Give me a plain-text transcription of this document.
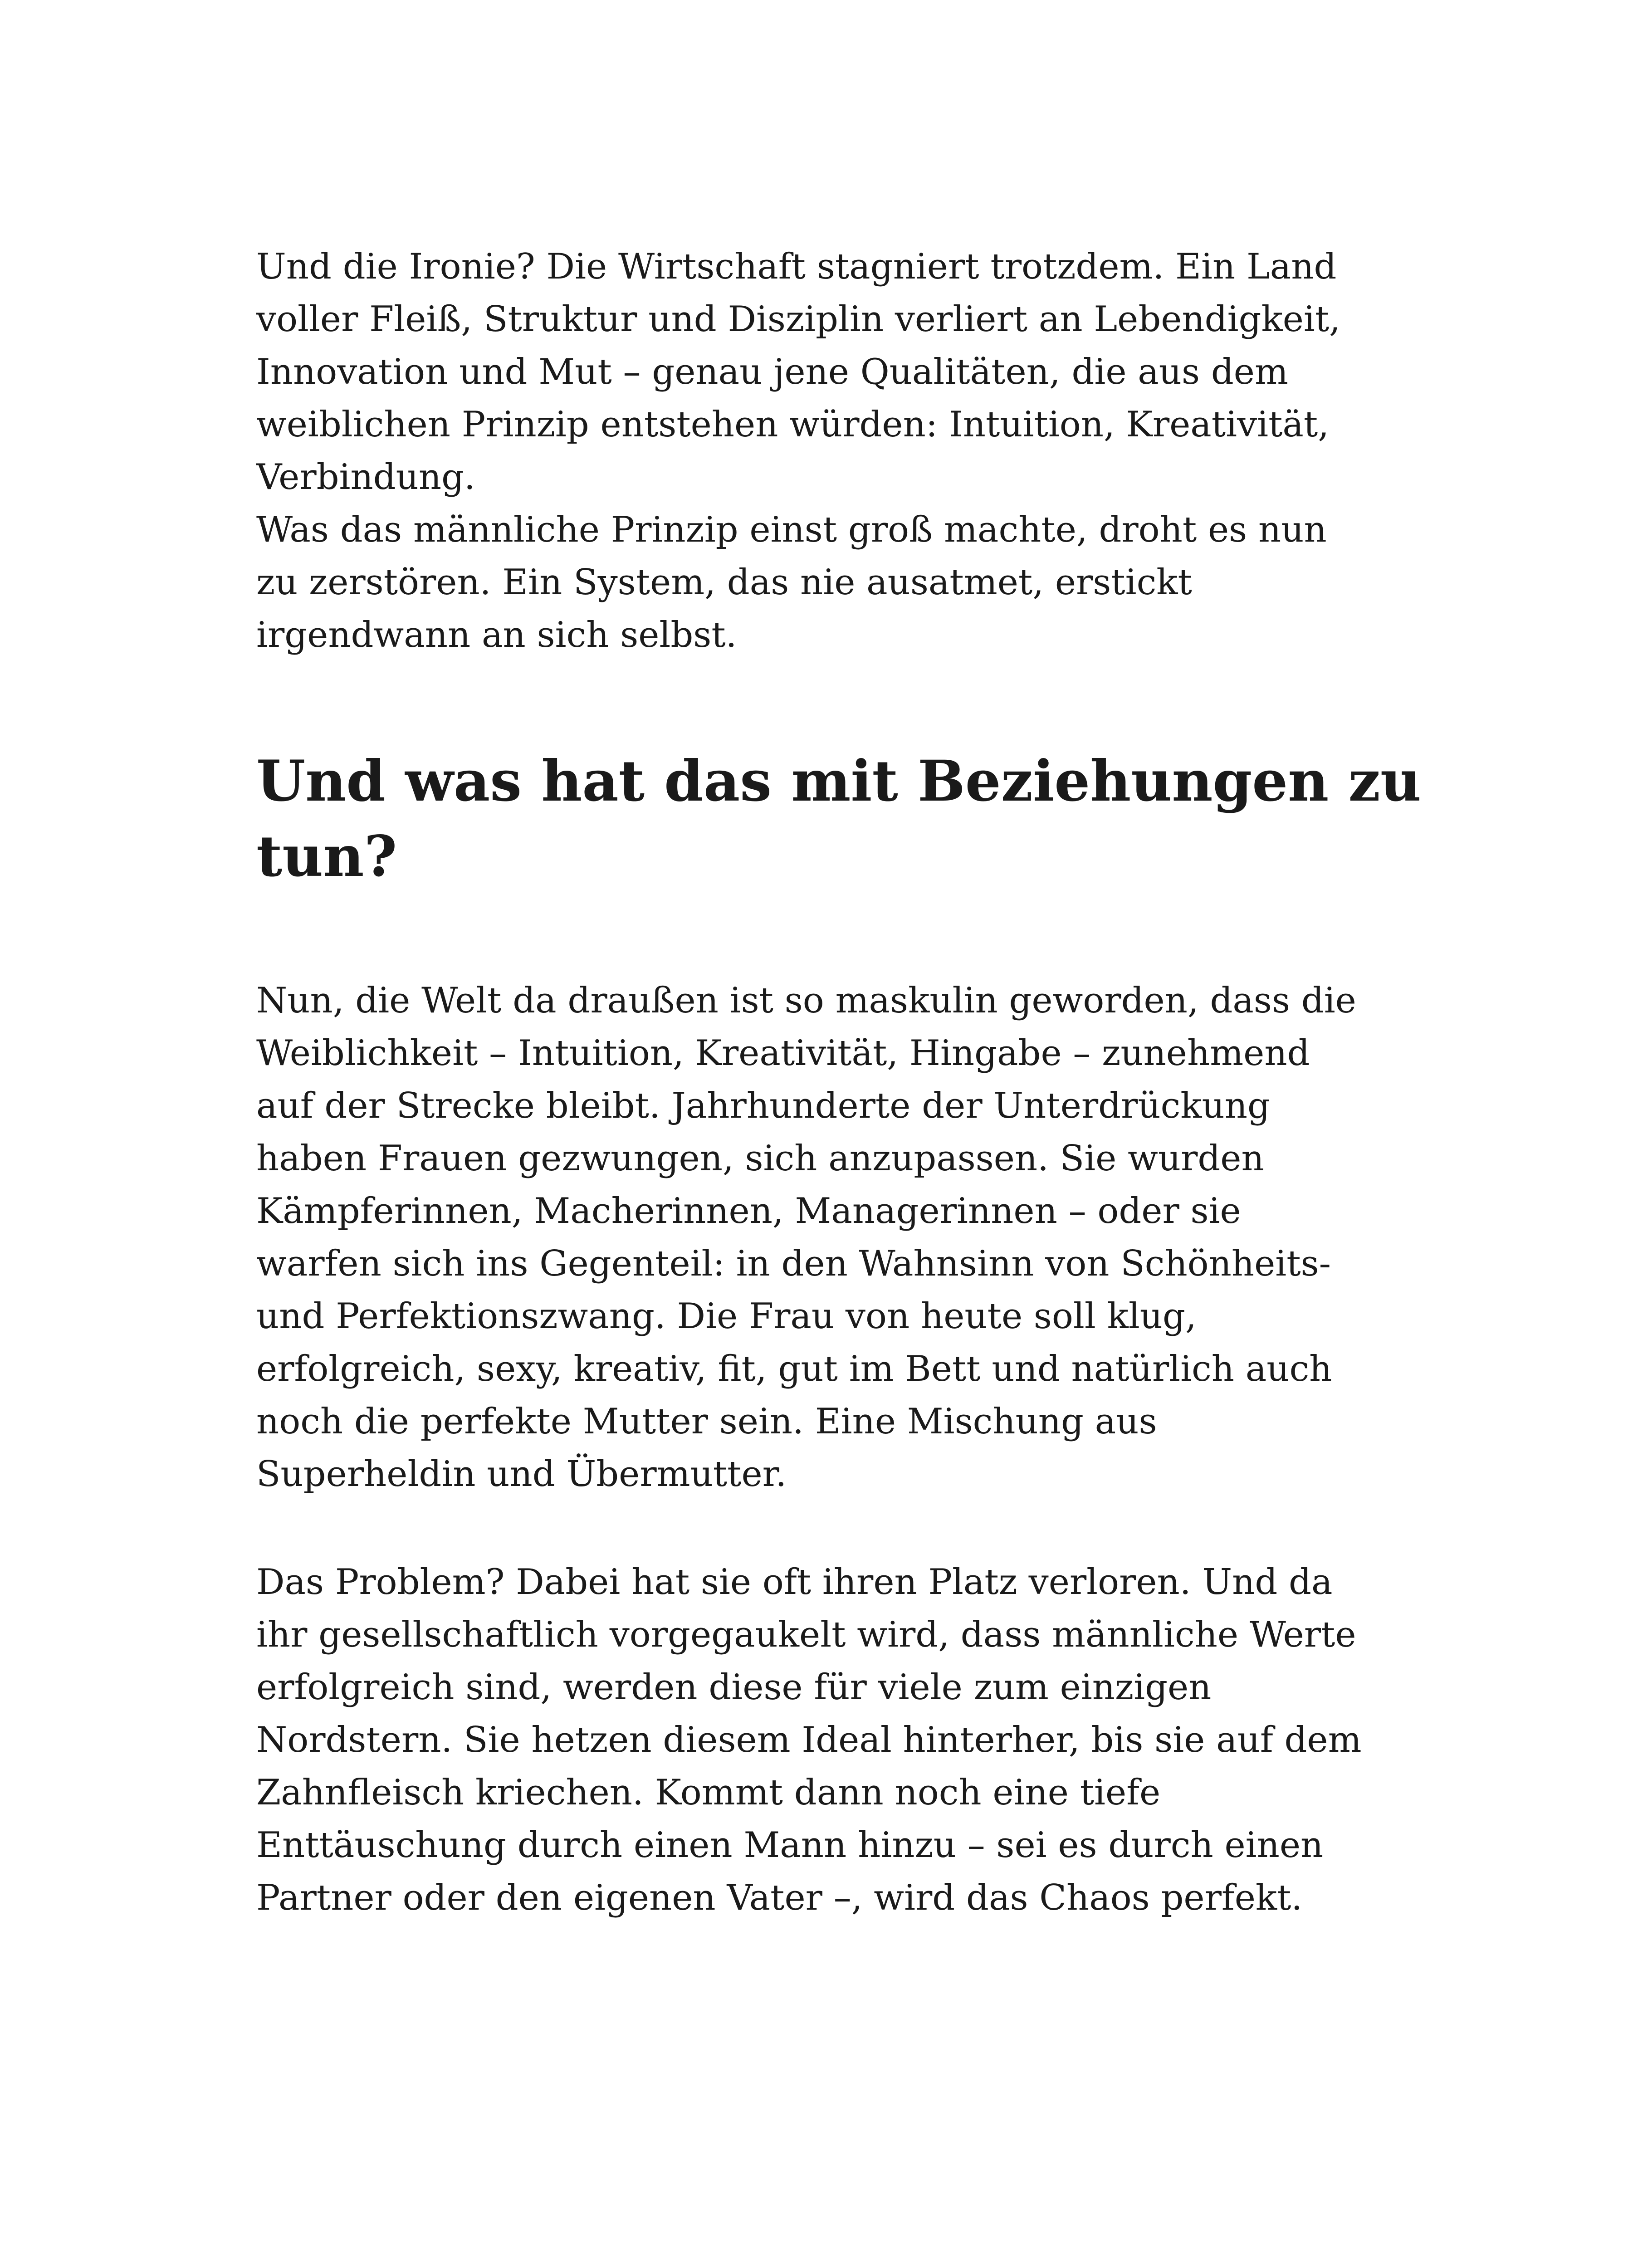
Und die Ironie? Die Wirtschaft stagniert trotzdem. Ein Land
voller Fleiß, Struktur und Disziplin verliert an Lebendigkeit,
Innovation und Mut – genau jene Qualitäten, die aus dem
weiblichen Prinzip entstehen würden: Intuition, Kreativität,
Verbindung.
Was das männliche Prinzip einst groß machte, droht es nun
zu zerstören. Ein System, das nie ausatmet, erstickt
irgendwann an sich selbst.

Und was hat das mit Beziehungen zu
tun?

Nun, die Welt da draußen ist so maskulin geworden, dass die
Weiblichkeit – Intuition, Kreativität, Hingabe – zunehmend
auf der Strecke bleibt. Jahrhunderte der Unterdrückung
haben Frauen gezwungen, sich anzupassen. Sie wurden
Kämpferinnen, Macherinnen, Managerinnen – oder sie
warfen sich ins Gegenteil: in den Wahnsinn von Schönheits-
und Perfektionszwang. Die Frau von heute soll klug,
erfolgreich, sexy, kreativ, fit, gut im Bett und natürlich auch
noch die perfekte Mutter sein. Eine Mischung aus
Superheldin und Übermutter.

Das Problem? Dabei hat sie oft ihren Platz verloren. Und da
ihr gesellschaftlich vorgegaukelt wird, dass männliche Werte
erfolgreich sind, werden diese für viele zum einzigen
Nordstern. Sie hetzen diesem Ideal hinterher, bis sie auf dem
Zahnfleisch kriechen. Kommt dann noch eine tiefe
Enttäuschung durch einen Mann hinzu – sei es durch einen
Partner oder den eigenen Vater –, wird das Chaos perfekt.
